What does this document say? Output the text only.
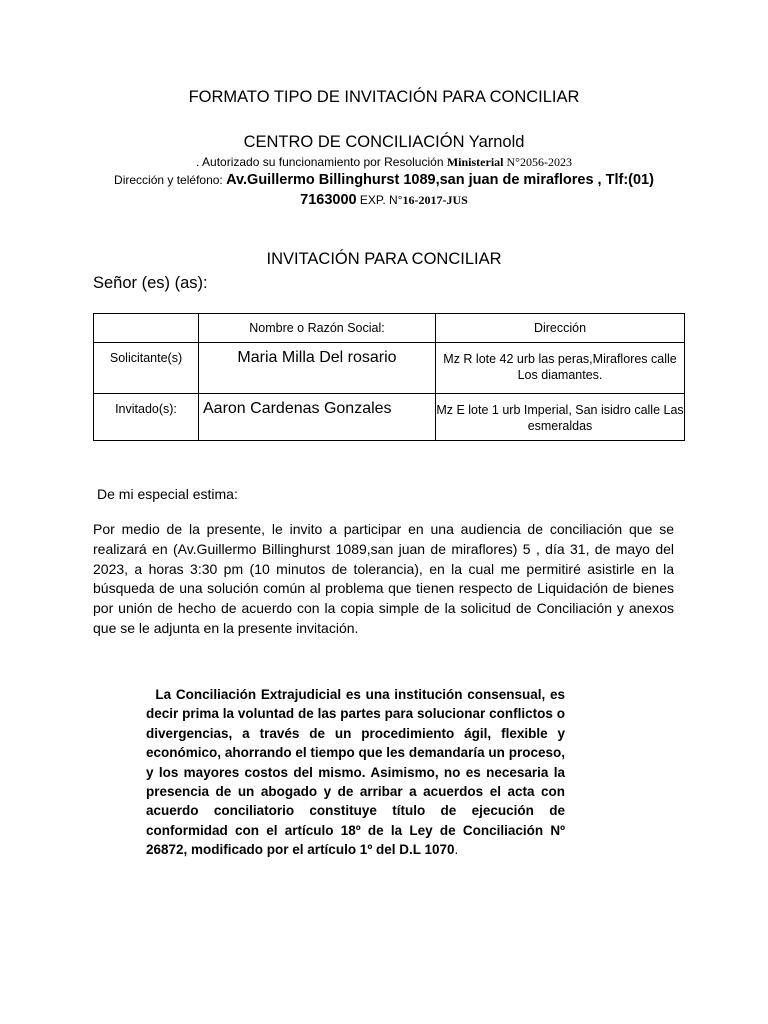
FORMATO TIPO DE INVITACIÓN PARA CONCILIAR
CENTRO DE CONCILIACIÓN Yarnold
. Autorizado su funcionamiento por Resolución Ministerial N°2056-2023
Dirección y teléfono: Av.Guillermo Billinghurst 1089,san juan de miraflores , Tlf:(01)
7163000 EXP. N°16-2017-JUS
INVITACIÓN PARA CONCILIAR
Señor (es) (as):
	Nombre o Razón Social:	Dirección

Solicitante(s)	Maria Milla Del rosario	Mz R lote 42 urb las peras,Miraflores calle Los diamantes.

Invitado(s):	Aaron Cardenas Gonzales	Mz E lote 1 urb Imperial, San isidro calle Las esmeraldas
De mi especial estima:
Por medio de la presente, le invito a participar en una audiencia de conciliación que se realizará en (Av.Guillermo Billinghurst 1089,san juan de miraflores) 5 , día 31, de mayo del 2023, a horas 3:30 pm (10 minutos de tolerancia), en la cual me permitiré asistirle en la búsqueda de una solución común al problema que tienen respecto de Liquidación de bienes por unión de hecho de acuerdo con la copia simple de la solicitud de Conciliación y anexos que se le adjunta en la presente invitación.
La Conciliación Extrajudicial es una institución consensual, es decir prima la voluntad de las partes para solucionar conflictos o divergencias, a través de un procedimiento ágil, flexible y económico, ahorrando el tiempo que les demandaría un proceso, y los mayores costos del mismo. Asimismo, no es necesaria la presencia de un abogado y de arribar a acuerdos el acta con acuerdo conciliatorio constituye título de ejecución de conformidad con el artículo 18º de la Ley de Conciliación Nº 26872, modificado por el artículo 1º del D.L 1070.
